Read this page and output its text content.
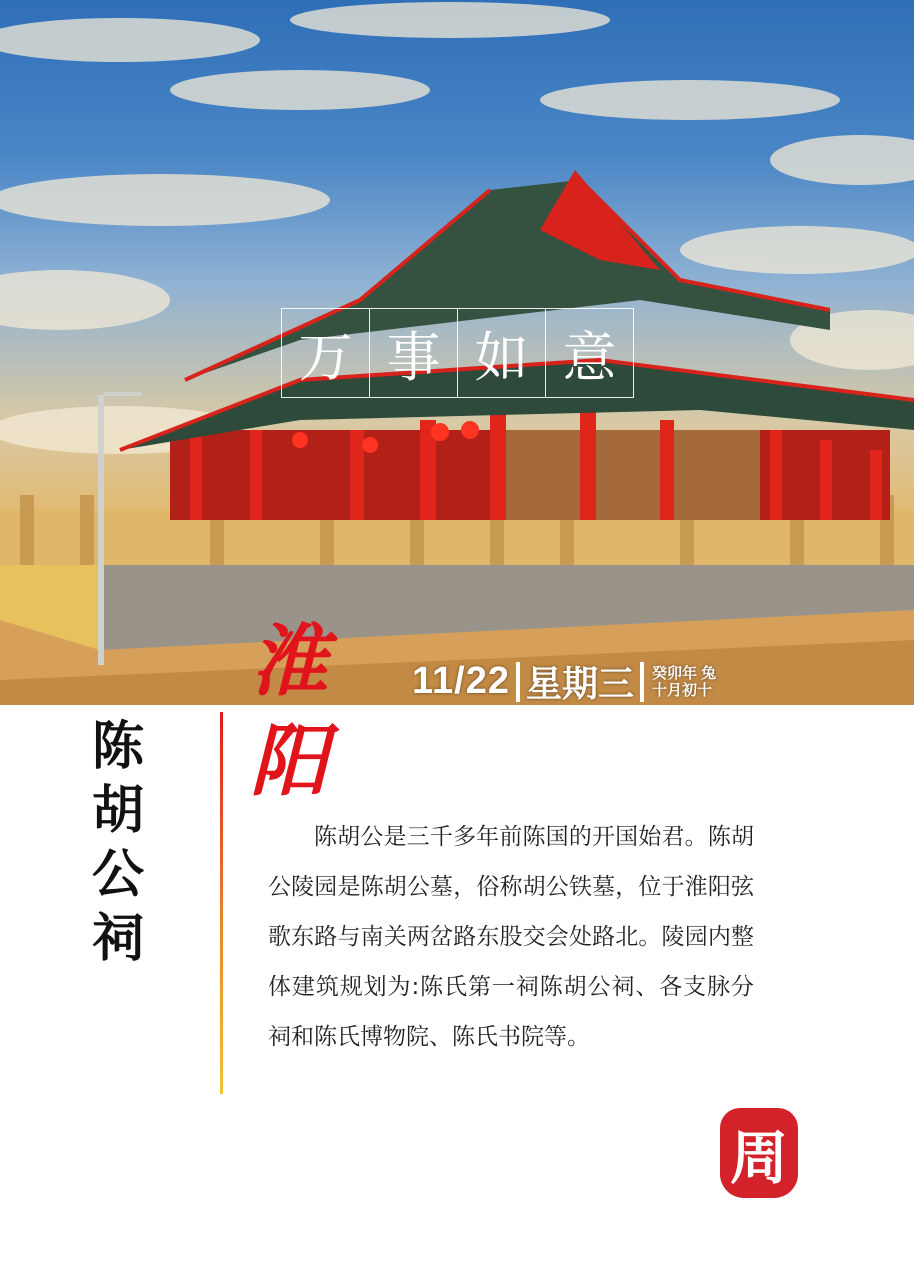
万 事 如 意
11/22 星期三 癸卯年 兔
十月初十
淮
阳
陈
胡
公
祠

陈胡公是三千多年前陈国的开国始君。陈胡公陵园是陈胡公墓，俗称胡公铁墓，位于淮阳弦歌东路与南关两岔路东股交会处路北。陵园内整体建筑规划为:陈氏第一祠陈胡公祠、各支脉分祠和陈氏博物院、陈氏书院等。

周
